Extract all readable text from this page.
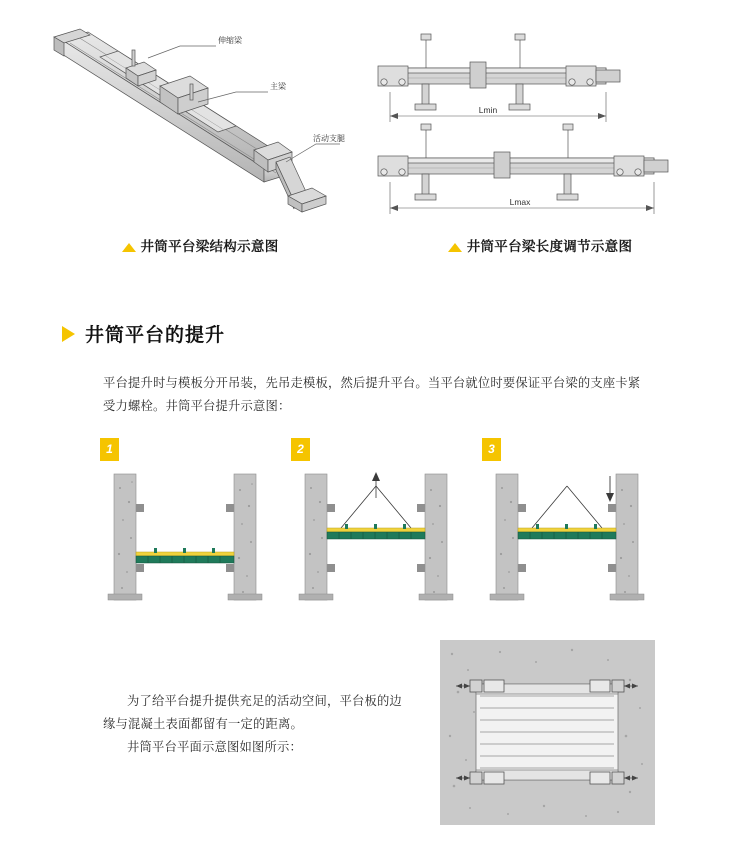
伸缩梁
主梁
活动支腿
井筒平台梁结构示意图
Lmin
Lmax
井筒平台梁长度调节示意图
井筒平台的提升

平台提升时与模板分开吊装，先吊走模板，然后提升平台。当平台就位时要保证平台梁的支座卡紧受力螺栓。井筒平台提升示意图：

1	2	3

为了给平台提升提供充足的活动空间，平台板的边缘与混凝土表面都留有一定的距离。

井筒平台平面示意图如图所示：
